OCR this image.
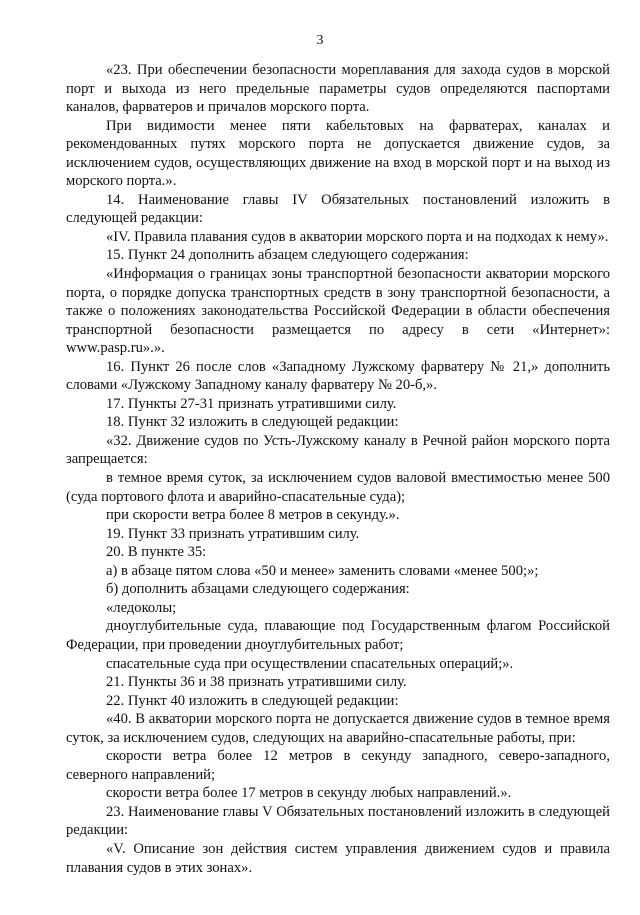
3

«23. При обеспечении безопасности мореплавания для захода судов в морской порт и выхода из него предельные параметры судов определяются паспортами каналов, фарватеров и причалов морского порта.

При видимости менее пяти кабельтовых на фарватерах, каналах и рекомендованных путях морского порта не допускается движение судов, за исключением судов, осуществляющих движение на вход в морской порт и на выход из морского порта.».

14. Наименование главы IV Обязательных постановлений изложить в следующей редакции:

«IV. Правила плавания судов в акватории морского порта и на подходах к нему».

15. Пункт 24 дополнить абзацем следующего содержания:

«Информация о границах зоны транспортной безопасности акватории морского порта, о порядке допуска транспортных средств в зону транспортной безопасности, а также о положениях законодательства Российской Федерации в области обеспечения транспортной безопасности размещается по адресу в сети «Интернет»: www.pasp.ru».».

16. Пункт 26 после слов «Западному Лужскому фарватеру № 21,» дополнить словами «Лужскому Западному каналу фарватеру № 20-б,».

17. Пункты 27-31 признать утратившими силу.

18. Пункт 32 изложить в следующей редакции:

«32. Движение судов по Усть-Лужскому каналу в Речной район морского порта запрещается:

в темное время суток, за исключением судов валовой вместимостью менее 500 (суда портового флота и аварийно-спасательные суда);

при скорости ветра более 8 метров в секунду.».

19. Пункт 33 признать утратившим силу.

20. В пункте 35:

а) в абзаце пятом слова «50 и менее» заменить словами «менее 500;»;

б) дополнить абзацами следующего содержания:

«ледоколы;

дноуглубительные суда, плавающие под Государственным флагом Российской Федерации, при проведении дноуглубительных работ;

спасательные суда при осуществлении спасательных операций;».

21. Пункты 36 и 38 признать утратившими силу.

22. Пункт 40 изложить в следующей редакции:

«40. В акватории морского порта не допускается движение судов в темное время суток, за исключением судов, следующих на аварийно-спасательные работы, при:

скорости ветра более 12 метров в секунду западного, северо-западного, северного направлений;

скорости ветра более 17 метров в секунду любых направлений.».

23. Наименование главы V Обязательных постановлений изложить в следующей редакции:

«V. Описание зон действия систем управления движением судов и правила плавания судов в этих зонах».
